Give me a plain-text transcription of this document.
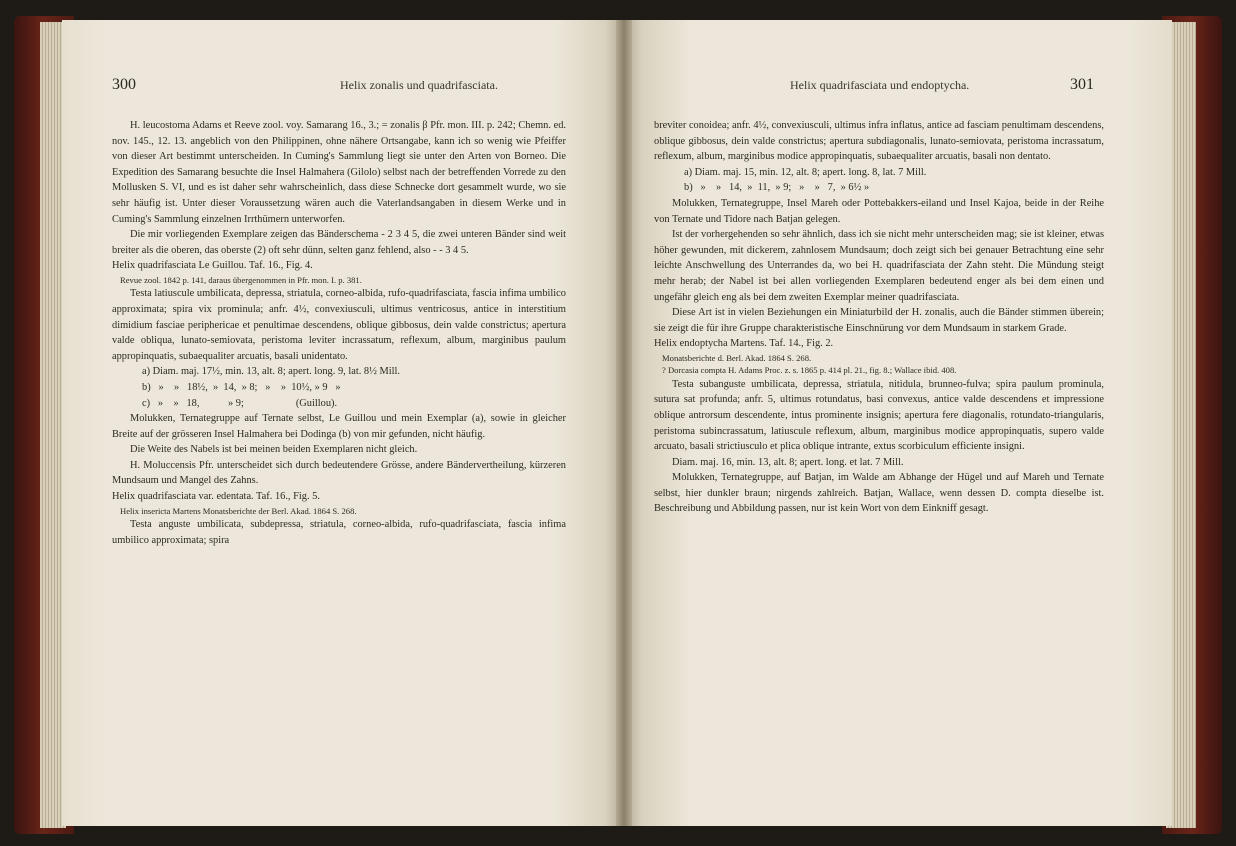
300	Helix zonalis und quadrifasciata.	301
Helix quadrifasciata und endoptycha.

H. leucostoma Adams et Reeve zool. voy. Samarang 16., 3.; = zonalis β Pfr. mon. III. p. 242; Chemn. ed. nov. 145., 12. 13. angeblich von den Philippinen, ohne nähere Ortsangabe, kann ich so wenig wie Pfeiffer von dieser Art bestimmt unterscheiden. In Cuming's Sammlung liegt sie unter den Arten von Borneo. Die Expedition des Samarang besuchte die Insel Halmahera (Gilolo) selbst nach der betreffenden Vorrede zu den Mollusken S. VI, und es ist daher sehr wahrscheinlich, dass diese Schnecke dort gesammelt wurde, wo sie sehr häufig ist. Unter dieser Voraussetzung wären auch die Vaterlandsangaben in diesem Werke und in Cuming's Sammlung einzelnen Irrthümern unterworfen.

Die mir vorliegenden Exemplare zeigen das Bänderschema - 2 3 4 5, die zwei unteren Bänder sind weit breiter als die oberen, das oberste (2) oft sehr dünn, selten ganz fehlend, also - - 3 4 5.

Helix quadrifasciata Le Guillou. Taf. 16., Fig. 4.

Revue zool. 1842 p. 141, daraus übergenommen in Pfr. mon. I. p. 381.

Testa latiuscule umbilicata, depressa, striatula, corneo-albida, rufo-quadrifasciata, fascia infima umbilico approximata; spira vix prominula; anfr. 4½, convexiusculi, ultimus ventricosus, antice in interstitium dimidium fasciae periphericae et penultimae descendens, oblique gibbosus, dein valde constrictus; apertura valde obliqua, lunato-semiovata, peristoma leviter incrassatum, reflexum, album, marginibus paulum appropinquatis, subaequaliter arcuatis, basali unidentato.

a) Diam. maj. 17½, min. 13, alt. 8; apert. long. 9, lat. 8½ Mill.

b)   »    »   18½,  »  14,  » 8;   »    »  10½, » 9   »

c)   »    »   18,           » 9;                    (Guillou).

Molukken, Ternategruppe auf Ternate selbst, Le Guillou und mein Exemplar (a), sowie in gleicher Breite auf der grösseren Insel Halmahera bei Dodinga (b) von mir gefunden, nicht häufig.

Die Weite des Nabels ist bei meinen beiden Exemplaren nicht gleich.

H. Moluccensis Pfr. unterscheidet sich durch bedeutendere Grösse, andere Bändervertheilung, kürzeren Mundsaum und Mangel des Zahns.

Helix quadrifasciata var. edentata. Taf. 16., Fig. 5.

Helix insericta Martens Monatsberichte der Berl. Akad. 1864 S. 268.

Testa anguste umbilicata, subdepressa, striatula, corneo-albida, rufo-quadrifasciata, fascia infima umbilico approximata; spira

breviter conoidea; anfr. 4½, convexiusculi, ultimus infra inflatus, antice ad fasciam penultimam descendens, oblique gibbosus, dein valde constrictus; apertura subdiagonalis, lunato-semiovata, peristoma incrassatum, reflexum, album, marginibus modice appropinquatis, subaequaliter arcuatis, basali non dentato.

a) Diam. maj. 15, min. 12, alt. 8; apert. long. 8, lat. 7 Mill.

b)   »    »   14,  »  11,  » 9;   »    »   7,  » 6½ »

Molukken, Ternategruppe, Insel Mareh oder Pottebakkers-eiland und Insel Kajoa, beide in der Reihe von Ternate und Tidore nach Batjan gelegen.

Ist der vorhergehenden so sehr ähnlich, dass ich sie nicht mehr unterscheiden mag; sie ist kleiner, etwas höher gewunden, mit dickerem, zahnlosem Mundsaum; doch zeigt sich bei genauer Betrachtung eine sehr leichte Anschwellung des Unterrandes da, wo bei H. quadrifasciata der Zahn steht. Die Mündung steigt mehr herab; der Nabel ist bei allen vorliegenden Exemplaren bedeutend enger als bei dem einen und ungefähr gleich eng als bei dem zweiten Exemplar meiner quadrifasciata.

Diese Art ist in vielen Beziehungen ein Miniaturbild der H. zonalis, auch die Bänder stimmen überein; sie zeigt die für ihre Gruppe charakteristische Einschnürung vor dem Mundsaum in starkem Grade.

Helix endoptycha Martens. Taf. 14., Fig. 2.

Monatsberichte d. Berl. Akad. 1864 S. 268.

? Dorcasia compta H. Adams Proc. z. s. 1865 p. 414 pl. 21., fig. 8.; Wallace ibid. 408.

Testa subanguste umbilicata, depressa, striatula, nitidula, brunneo-fulva; spira paulum prominula, sutura sat profunda; anfr. 5, ultimus rotundatus, basi convexus, antice valde descendens et impressione oblique antrorsum descendente, intus prominente insignis; apertura fere diagonalis, rotundato-triangularis, peristoma subincrassatum, latiuscule reflexum, album, marginibus modice appropinquatis, supero valde arcuato, basali strictiusculo et plica oblique intrante, extus scorbiculum efficiente insigni.

Diam. maj. 16, min. 13, alt. 8; apert. long. et lat. 7 Mill.

Molukken, Ternategruppe, auf Batjan, im Walde am Abhange der Hügel und auf Mareh und Ternate selbst, hier dunkler braun; nirgends zahlreich. Batjan, Wallace, wenn dessen D. compta dieselbe ist. Beschreibung und Abbildung passen, nur ist kein Wort von dem Einkniff gesagt.
